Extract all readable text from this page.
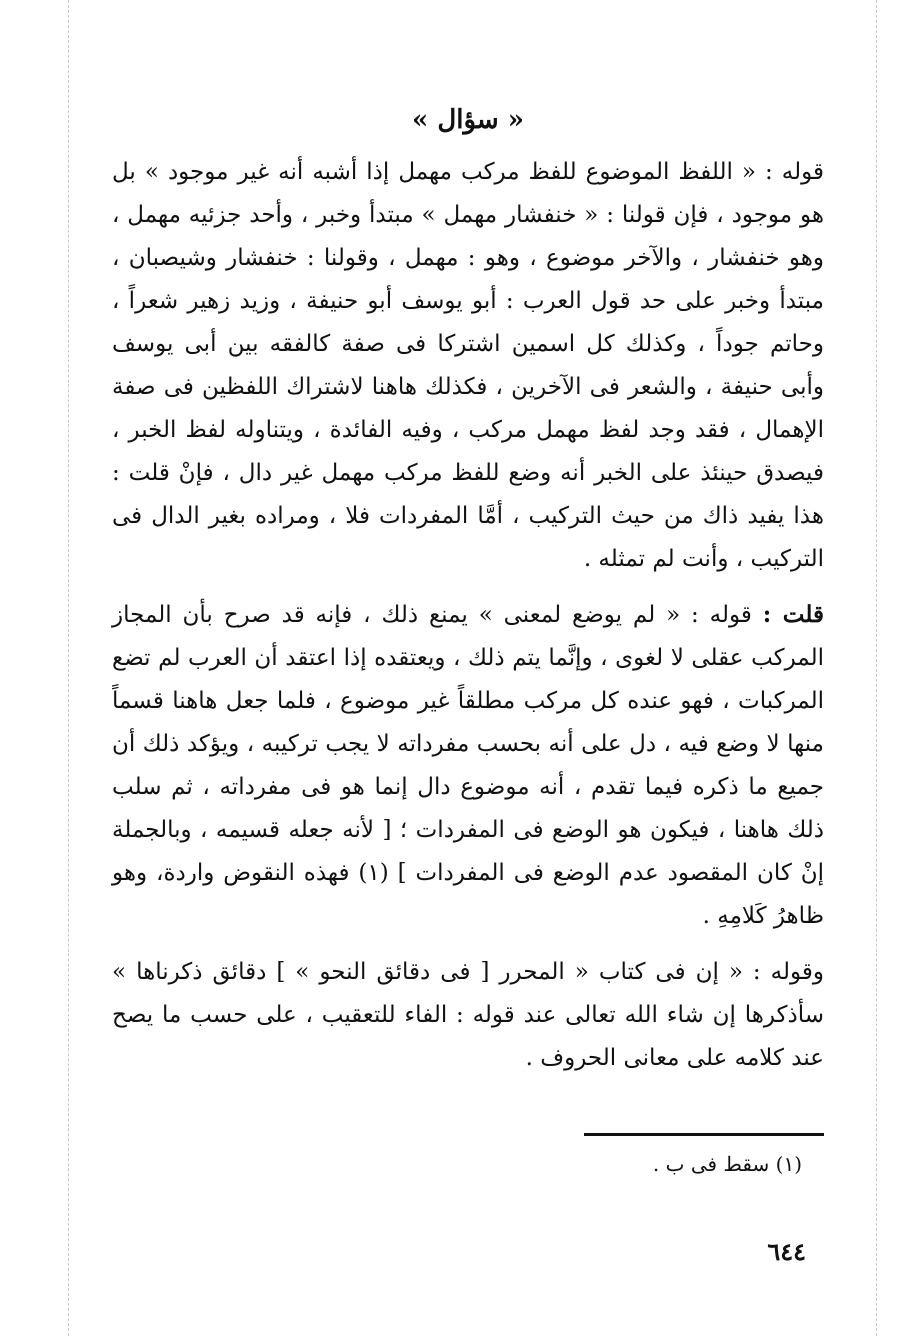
« سؤال »

قوله : « اللفظ الموضوع للفظ مركب مهمل إذا أشبه أنه غير موجود » بل هو موجود ، فإن قولنا : « خنفشار مهمل » مبتدأ وخبر ، وأحد جزئيه مهمل ، وهو خنفشار ، والآخر موضوع ، وهو : مهمل ، وقولنا : خنفشار وشيصبان ، مبتدأ وخبر على حد قول العرب : أبو يوسف أبو حنيفة ، وزيد زهير شعراً ، وحاتم جوداً ، وكذلك كل اسمين اشتركا فى صفة كالفقه بين أبى يوسف وأبى حنيفة ، والشعر فى الآخرين ، فكذلك هاهنا لاشتراك اللفظين فى صفة الإهمال ، فقد وجد لفظ مهمل مركب ، وفيه الفائدة ، ويتناوله لفظ الخبر ، فيصدق حينئذ على الخبر أنه وضع للفظ مركب مهمل غير دال ، فإنْ قلت : هذا يفيد ذاك من حيث التركيب ، أمَّا المفردات فلا ، ومراده بغير الدال فى التركيب ، وأنت لم تمثله .

قلت : قوله : « لم يوضع لمعنى » يمنع ذلك ، فإنه قد صرح بأن المجاز المركب عقلى لا لغوى ، وإنَّما يتم ذلك ، ويعتقده إذا اعتقد أن العرب لم تضع المركبات ، فهو عنده كل مركب مطلقاً غير موضوع ، فلما جعل هاهنا قسماً منها لا وضع فيه ، دل على أنه بحسب مفرداته لا يجب تركيبه ، ويؤكد ذلك أن جميع ما ذكره فيما تقدم ، أنه موضوع دال إنما هو فى مفرداته ، ثم سلب ذلك هاهنا ، فيكون هو الوضع فى المفردات ؛ [ لأنه جعله قسيمه ، وبالجملة إنْ كان المقصود عدم الوضع فى المفردات ] (١) فهذه النقوض واردة، وهو ظاهرُ كَلامِهِ .

وقوله : « إن فى كتاب « المحرر [ فى دقائق النحو » ] دقائق ذكرناها » سأذكرها إن شاء الله تعالى عند قوله : الفاء للتعقيب ، على حسب ما يصح عند كلامه على معانى الحروف .

(١) سقط فى ب .
٦٤٤
